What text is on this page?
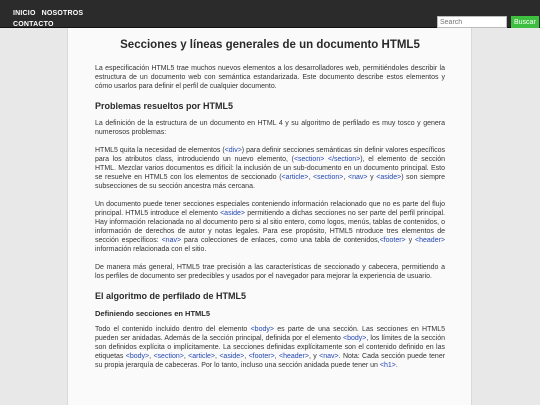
INICIO NOSOTROS
CONTACTO
Search	Buscar
Secciones y líneas generales de un documento HTML5

La especificación HTML5 trae muchos nuevos elementos a los desarrolladores web, permitiéndoles describir la estructura de un documento web con semántica estandarizada. Este documento describe estos elementos y cómo usarlos para definir el perfil de cualquier documento.

Problemas resueltos por HTML5

La definición de la estructura de un documento en HTML 4 y su algoritmo de perfilado es muy tosco y genera numerosos problemas:

HTML5 quita la necesidad de elementos (<div>) para definir secciones semánticas sin definir valores específicos para los atributos class, introduciendo un nuevo elemento, (<section> </section>), el elemento de sección HTML. Mezclar varios documentos es difícil: la inclusión de un sub-documento en un documento principal. Esto se resuelve en HTML5 con los elementos de seccionado (<article>, <section>, <nav> y <aside>) son siempre subsecciones de su sección ancestra más cercana.

Un documento puede tener secciones especiales conteniendo información relacionado que no es parte del flujo principal. HTML5 introduce el elemento <aside> permitiendo a dichas secciones no ser parte del perfil principal. Hay información relacionada no al documento pero si al sitio entero, como logos, menús, tablas de contenidos, o información de derechos de autor y notas legales. Para ese propósito, HTML5 ntroduce tres elementos de sección específicos: <nav> para colecciones de enlaces, como una tabla de contenidos,<footer> y <header> información relacionada con el sitio.

De manera más general, HTML5 trae precisión a las características de seccionado y cabecera, permitiendo a los perfiles de documento ser predecibles y usados por el navegador para mejorar la experiencia de usuario.

El algoritmo de perfilado de HTML5
Definiendo secciones en HTML5

Todo el contenido incluido dentro del elemento <body> es parte de una sección. Las secciones en HTML5 pueden ser anidadas. Además de la sección principal, definida por el elemento <body>, los límites de la sección son definidos explícita o implícitamente. La secciones definidas explícitamente son el contenido definido en las etiquetas <body>, <section>, <article>, <aside>, <footer>, <header>, y <nav>. Nota: Cada sección puede tener su propia jerarquía de cabeceras. Por lo tanto, incluso una sección anidada puede tener un <h1>.
